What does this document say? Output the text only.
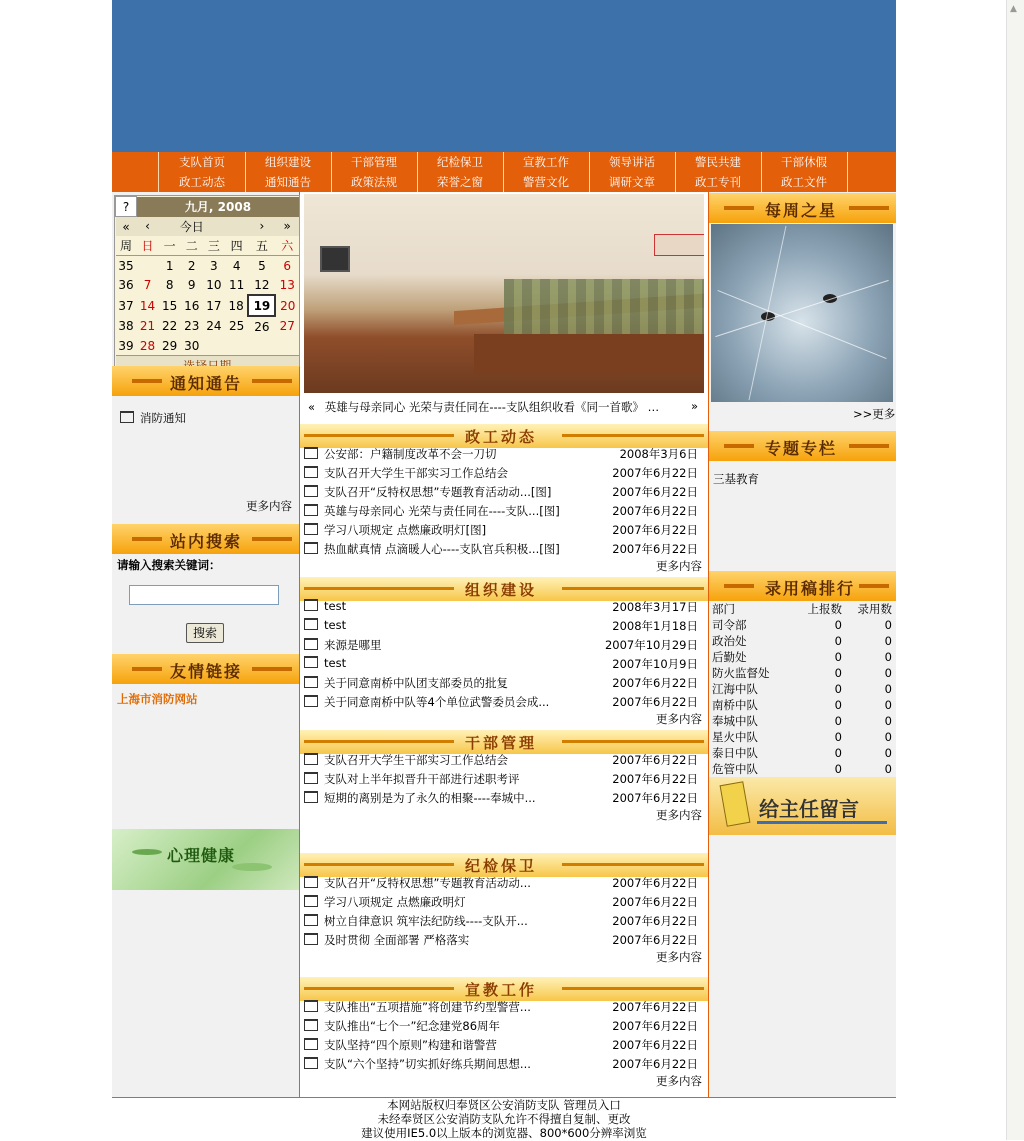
▲
支队首页	组织建设	干部管理	纪检保卫	宣教工作	领导讲话	警民共建	干部休假
政工动态	通知通告	政策法规	荣誉之窗	警营文化	调研文章	政工专刊	政工文件
?	九月, 2008						
«	‹	今日				›	»
周	日	一	二	三	四	五	六
35		1	2	3	4	5	6
36	7	8	9	10	11	12	13
37	14	15	16	17	18	19	20
38	21	22	23	24	25	26	27
39	28	29	30				

通知通告
消防通知
更多内容
站内搜索
请输入搜索关键词：
搜索
友情链接
上海市消防网站
心理健康
« 英雄与母亲同心 光荣与责任同在----支队组织收看《同一首歌》 …	»
政工动态
公安部：户籍制度改革不会一刀切	2008年3月6日
支队召开大学生干部实习工作总结会	2007年6月22日
支队召开“反特权思想”专题教育活动动...[图]	2007年6月22日
英雄与母亲同心 光荣与责任同在----支队...[图]	2007年6月22日
学习八项规定 点燃廉政明灯[图]	2007年6月22日
热血献真情 点滴暖人心----支队官兵积极...[图]	2007年6月22日
更多内容
组织建设
test	2008年3月17日
test	2008年1月18日
来源是哪里	2007年10月29日
test	2007年10月9日
关于同意南桥中队团支部委员的批复	2007年6月22日
关于同意南桥中队等4个单位武警委员会成...	2007年6月22日
更多内容
干部管理
支队召开大学生干部实习工作总结会	2007年6月22日
支队对上半年拟晋升干部进行述职考评	2007年6月22日
短期的离别是为了永久的相聚----奉城中...	2007年6月22日
更多内容
纪检保卫
支队召开“反特权思想”专题教育活动动...	2007年6月22日
学习八项规定 点燃廉政明灯	2007年6月22日
树立自律意识 筑牢法纪防线----支队开...	2007年6月22日
及时贯彻 全面部署 严格落实	2007年6月22日
更多内容
宣教工作
支队推出“五项措施”将创建节约型警营...	2007年6月22日
支队推出“七个一”纪念建党86周年	2007年6月22日
支队坚持“四个原则”构建和谐警营	2007年6月22日
支队“六个坚持”切实抓好练兵期间思想...	2007年6月22日
更多内容
每周之星
>>更多
专题专栏
三基教育
录用稿排行
部门	上报数	录用数
司令部	0	0
政治处	0	0
后勤处	0	0
防火监督处	0	0
江海中队	0	0
南桥中队	0	0
奉城中队	0	0
星火中队	0	0
泰日中队	0	0
危管中队	0	0
给主任留言
本网站版权归奉贤区公安消防支队 管理员入口
未经奉贤区公安消防支队允许不得擅自复制、更改
建议使用IE5.0以上版本的浏览器、800*600分辨率浏览
